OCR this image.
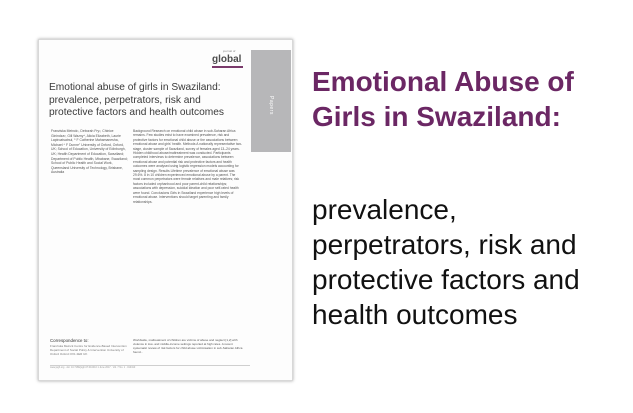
Papers
journal of
global
Emotional abuse of girls in Swaziland: prevalence, perpetrators, risk and protective factors and health outcomes
Franziska Meinck¹, Deborah Fry², Chinice Ginindza³, Gill Wazny⁴, Alicia Elizabeth, Laurie Lapiroatsatnul, ⁵ F Catherine Mahamanesha, Michael ⁶ F Dunne⁷ University of Oxford, Oxford, UK; School of Education, University of Edinburgh, UK; Health Department of Education, Swaziland; Department of Public Health, Mbabane, Swaziland; School of Public Health and Social Work, Queensland University of Technology, Brisbane, Australia
Background Research on emotional child abuse in sub-Saharan Africa remains. Few studies exist to have examined prevalence, risk and protective factors for emotional child abuse or the associations between emotional abuse and girls' health. Methods A nationally representative two-stage, cluster sample of Swaziland, survey of females aged 13–24 years. Hidden childhood abuse/maltreatment was conducted. Participants completed interviews to determine prevalence, associations between emotional abuse and potential risk and protective factors and health outcomes were analysed using logistic regression models accounting for sampling design. Results Lifetime prevalence of emotional abuse was 29.6%. 8 in 10 children experienced emotional abuse by a parent. The most common perpetrators were female relatives and male relatives; risk factors included orphanhood and poor parent-child relationships; associations with depression, suicidal ideation and poor self-rated health were found. Conclusions Girls in Swaziland experience high levels of emotional abuse. Interventions should target parenting and family relationships.
Correspondence to:
Franziska Meinck Centre for Evidence-Based Intervention Department of Social Policy & Intervention University of Oxford Oxford OX1 2ER UK
Worldwide, maltreatment of children are victims of abuse and neglect [1,2] with violence in low- and middle-income settings reported at high rates. A recent systematic review of risk factors for child abuse victimisation in sub-Saharan Africa found...
www.jogh.org · doi: 10.7189/jogh.07.010410 1 June 2017 · Vol. 7 No. 1 · 010410
Emotional Abuse of Girls in Swaziland:

prevalence, perpetrators, risk and protective factors and health outcomes
